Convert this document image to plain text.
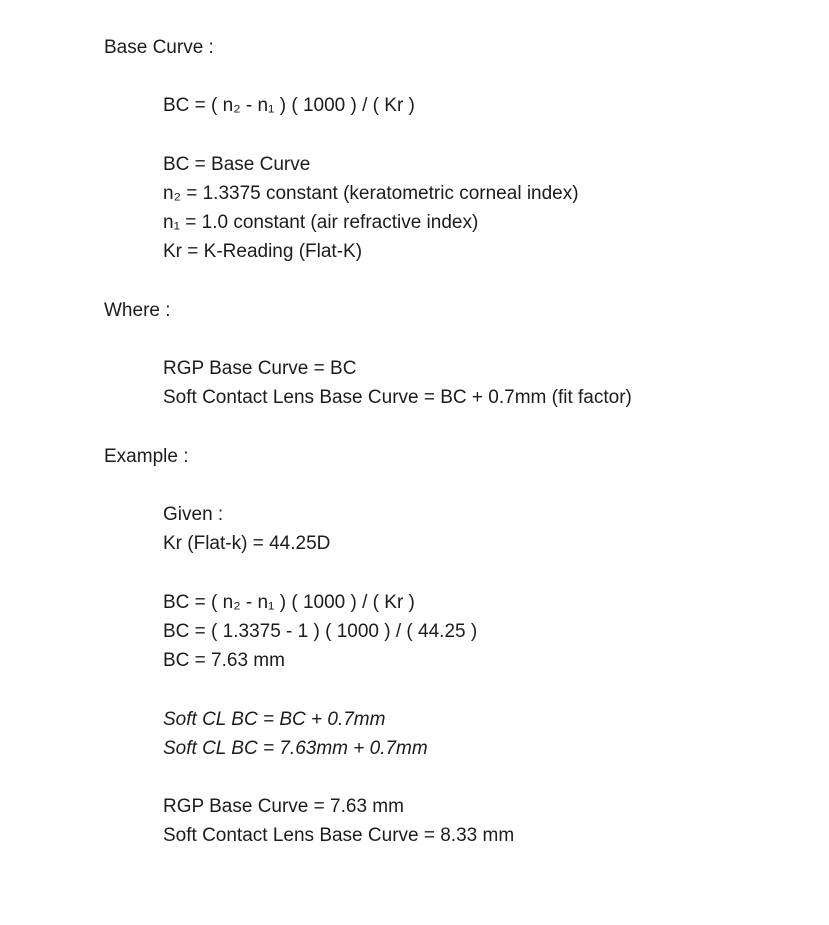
Base Curve :

BC = ( n₂ - n₁ ) ( 1000 ) / ( Kr )

BC = Base Curve

n₂ = 1.3375 constant (keratometric corneal index)

n₁ = 1.0 constant (air refractive index)

Kr = K-Reading (Flat-K)

Where :

RGP Base Curve = BC

Soft Contact Lens Base Curve = BC + 0.7mm (fit factor)

Example :

Given :

Kr (Flat-k) = 44.25D

BC = ( n₂ - n₁ ) ( 1000 ) / ( Kr )

BC = ( 1.3375 - 1 ) ( 1000 ) / ( 44.25 )

BC = 7.63 mm

Soft CL BC = BC + 0.7mm

Soft CL BC = 7.63mm + 0.7mm

RGP Base Curve = 7.63 mm

Soft Contact Lens Base Curve = 8.33 mm
